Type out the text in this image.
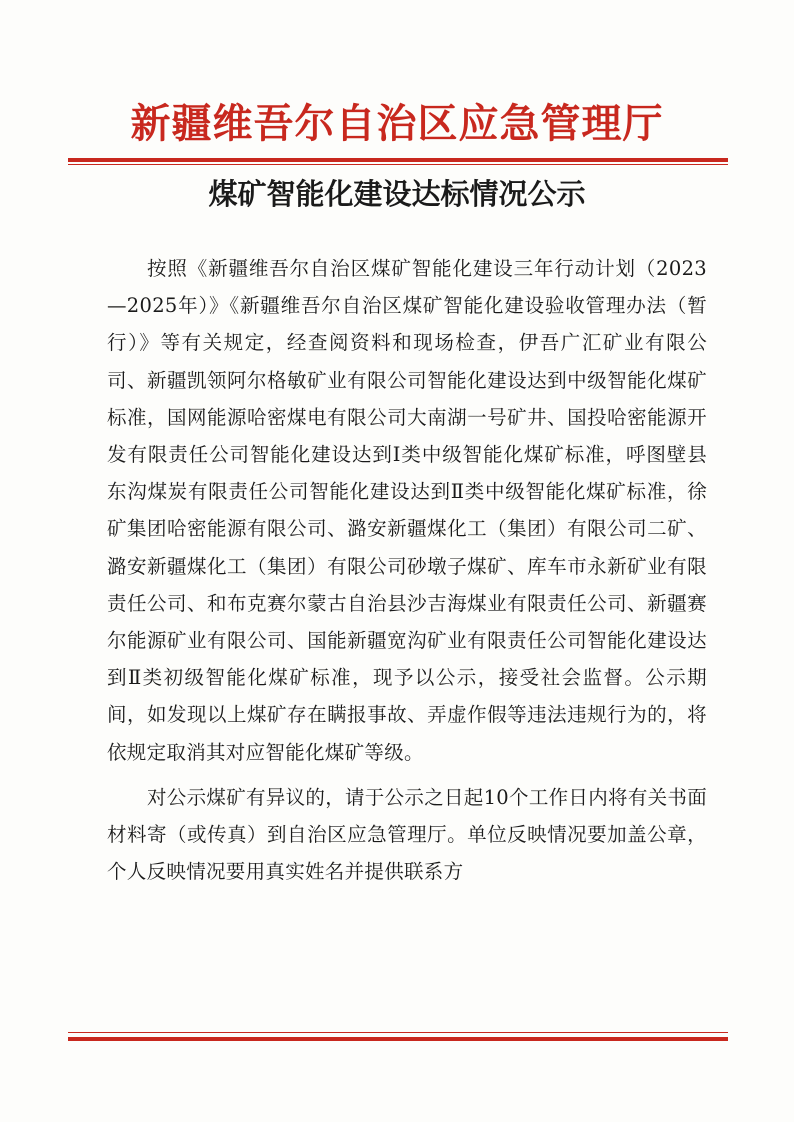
新疆维吾尔自治区应急管理厅
煤矿智能化建设达标情况公示

按照《新疆维吾尔自治区煤矿智能化建设三年行动计划（2023—2025年）》《新疆维吾尔自治区煤矿智能化建设验收管理办法（暂行）》等有关规定，经查阅资料和现场检查，伊吾广汇矿业有限公司、新疆凯领阿尔格敏矿业有限公司智能化建设达到中级智能化煤矿标准，国网能源哈密煤电有限公司大南湖一号矿井、国投哈密能源开发有限责任公司智能化建设达到Ⅰ类中级智能化煤矿标准，呼图壁县东沟煤炭有限责任公司智能化建设达到Ⅱ类中级智能化煤矿标准，徐矿集团哈密能源有限公司、潞安新疆煤化工（集团）有限公司二矿、潞安新疆煤化工（集团）有限公司砂墩子煤矿、库车市永新矿业有限责任公司、和布克赛尔蒙古自治县沙吉海煤业有限责任公司、新疆赛尔能源矿业有限公司、国能新疆宽沟矿业有限责任公司智能化建设达到Ⅱ类初级智能化煤矿标准，现予以公示，接受社会监督。公示期间，如发现以上煤矿存在瞒报事故、弄虚作假等违法违规行为的，将依规定取消其对应智能化煤矿等级。

对公示煤矿有异议的，请于公示之日起10个工作日内将有关书面材料寄（或传真）到自治区应急管理厅。单位反映情况要加盖公章，个人反映情况要用真实姓名并提供联系方
